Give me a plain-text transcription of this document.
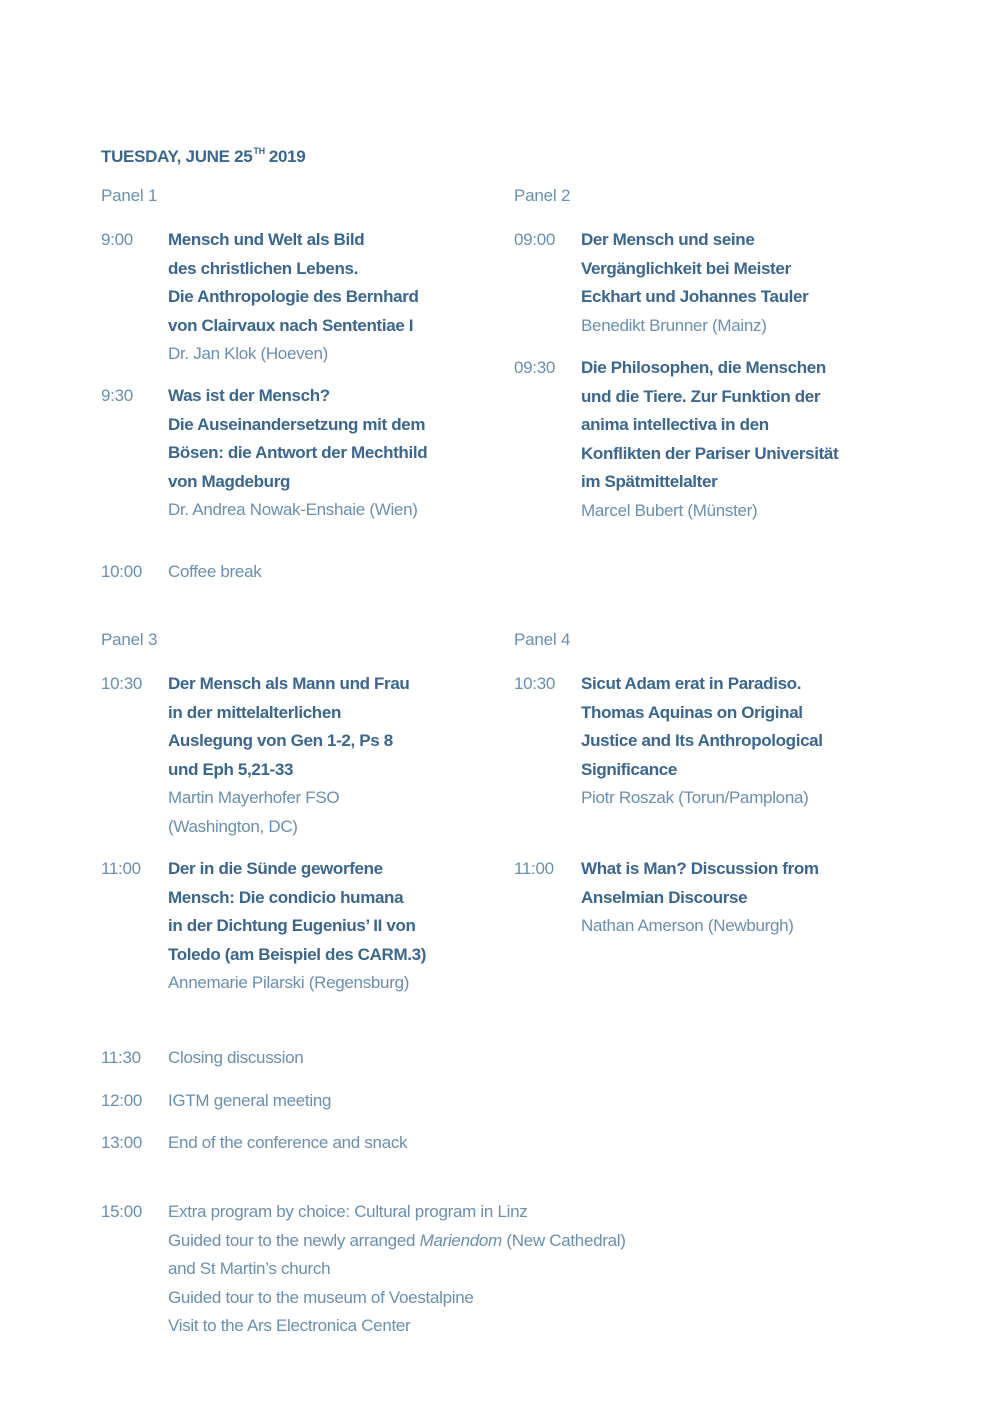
TUESDAY, JUNE 25TH 2019
Panel 1
9:00 Mensch und Welt als Bild
des christlichen Lebens.
Die Anthropologie des Bernhard
von Clairvaux nach Sententiae I
Dr. Jan Klok (Hoeven)
9:30 Was ist der Mensch?
Die Auseinandersetzung mit dem
Bösen: die Antwort der Mechthild
von Magdeburg
Dr. Andrea Nowak-Enshaie (Wien)
Panel 2
09:00 Der Mensch und seine
Vergänglichkeit bei Meister
Eckhart und Johannes Tauler
Benedikt Brunner (Mainz)
09:30 Die Philosophen, die Menschen
und die Tiere. Zur Funktion der
anima intellectiva in den
Konflikten der Pariser Universität
im Spätmittelalter
Marcel Bubert (Münster)
10:00 Coffee break
Panel 3
10:30 Der Mensch als Mann und Frau
in der mittelalterlichen
Auslegung von Gen 1-2, Ps 8
und Eph 5,21-33
Martin Mayerhofer FSO
(Washington, DC)
11:00 Der in die Sünde geworfene
Mensch: Die condicio humana
in der Dichtung Eugenius’ II von
Toledo (am Beispiel des CARM.3)
Annemarie Pilarski (Regensburg)
Panel 4
10:30 Sicut Adam erat in Paradiso.
Thomas Aquinas on Original
Justice and Its Anthropological
Significance
Piotr Roszak (Torun/Pamplona)
11:00 What is Man? Discussion from
Anselmian Discourse
Nathan Amerson (Newburgh)
11:30 Closing discussion
12:00 IGTM general meeting
13:00 End of the conference and snack
15:00 Extra program by choice: Cultural program in Linz
Guided tour to the newly arranged Mariendom (New Cathedral)
and St Martin’s church
Guided tour to the museum of Voestalpine
Visit to the Ars Electronica Center
